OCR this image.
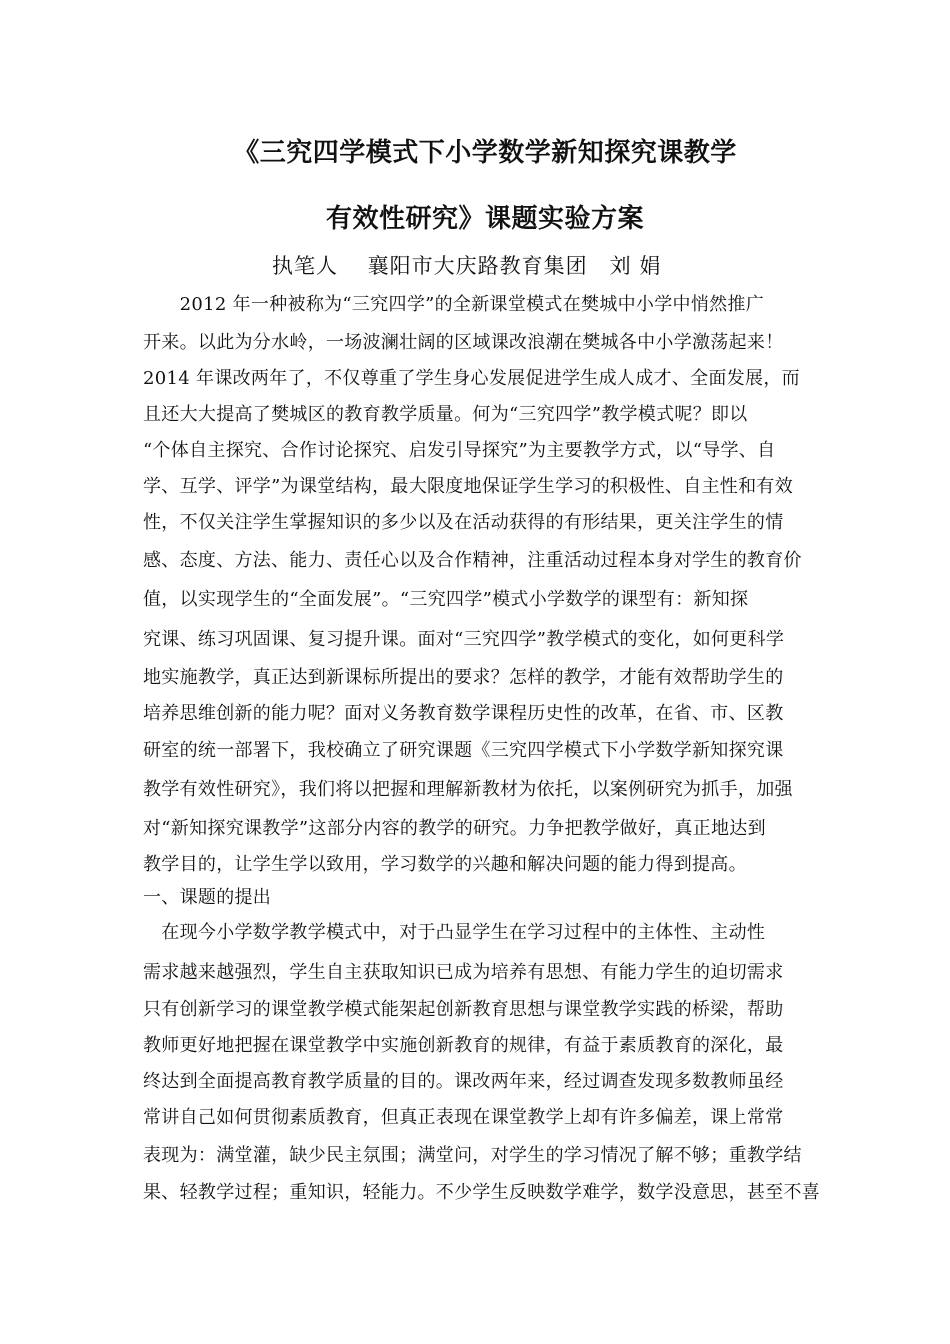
《三究四学模式下小学数学新知探究课教学
有效性研究》课题实验方案
执笔人　 襄阳市大庆路教育集团　刘 娟
　　2012 年一种被称为“三究四学”的全新课堂模式在樊城中小学中悄然推广
开来。以此为分水岭，一场波澜壮阔的区域课改浪潮在樊城各中小学激荡起来！
2014 年课改两年了，不仅尊重了学生身心发展促进学生成人成才、全面发展，而
且还大大提高了樊城区的教育教学质量。何为“三究四学”教学模式呢？即以
“个体自主探究、合作讨论探究、启发引导探究”为主要教学方式，以“导学、自
学、互学、评学”为课堂结构，最大限度地保证学生学习的积极性、自主性和有效
性，不仅关注学生掌握知识的多少以及在活动获得的有形结果，更关注学生的情
感、态度、方法、能力、责任心以及合作精神，注重活动过程本身对学生的教育价
值，以实现学生的“全面发展”。“三究四学”模式小学数学的课型有：新知探
究课、练习巩固课、复习提升课。面对“三究四学”教学模式的变化，如何更科学
地实施教学，真正达到新课标所提出的要求？怎样的教学，才能有效帮助学生的
培养思维创新的能力呢？面对义务教育数学课程历史性的改革，在省、市、区教
研室的统一部署下，我校确立了研究课题《三究四学模式下小学数学新知探究课
教学有效性研究》，我们将以把握和理解新教材为依托，以案例研究为抓手，加强
对“新知探究课教学”这部分内容的教学的研究。力争把教学做好，真正地达到
教学目的，让学生学以致用，学习数学的兴趣和解决问题的能力得到提高。
一、课题的提出
　在现今小学数学教学模式中，对于凸显学生在学习过程中的主体性、主动性
需求越来越强烈，学生自主获取知识已成为培养有思想、有能力学生的迫切需求
只有创新学习的课堂教学模式能架起创新教育思想与课堂教学实践的桥梁，帮助
教师更好地把握在课堂教学中实施创新教育的规律，有益于素质教育的深化，最
终达到全面提高教育教学质量的目的。课改两年来，经过调查发现多数教师虽经
常讲自己如何贯彻素质教育，但真正表现在课堂教学上却有许多偏差，课上常常
表现为：满堂灌，缺少民主氛围；满堂问，对学生的学习情况了解不够；重教学结
果、轻教学过程；重知识，轻能力。不少学生反映数学难学，数学没意思，甚至不喜
